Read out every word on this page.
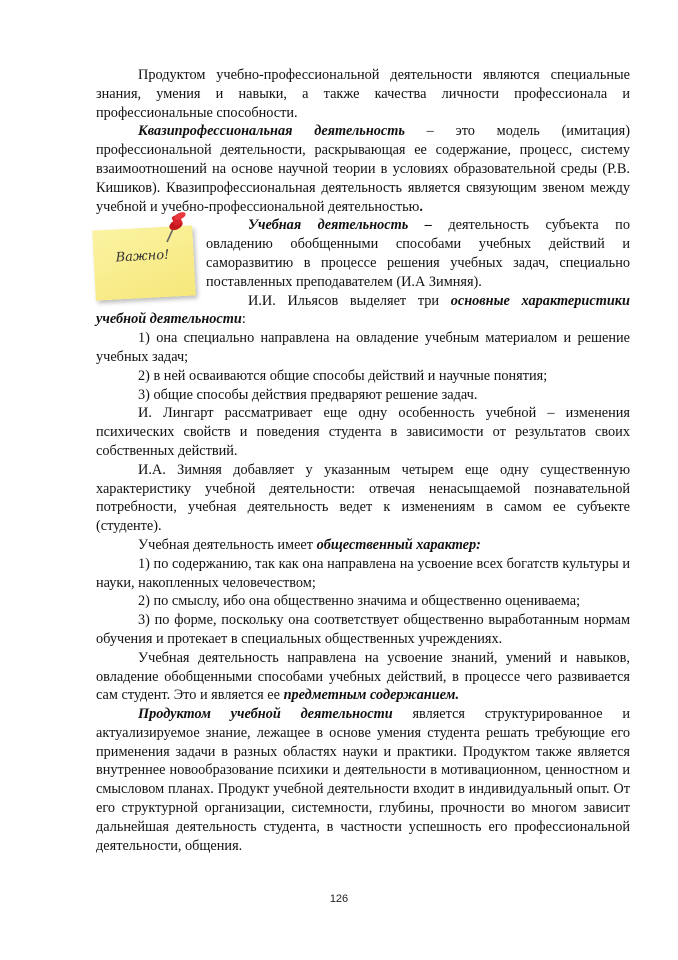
Продуктом учебно-профессиональной деятельности являются специальные знания, умения и навыки, а также качества личности профессионала и профессиональные способности.

Квазипрофессиональная деятельность – это модель (имитация) профессиональной деятельности, раскрывающая ее содержание, процесс, систему взаимоотношений на основе научной теории в условиях образовательной среды (Р.В. Кишиков). Квазипрофессиональная деятельность является связующим звеном между учебной и учебно-профессиональной деятельностью.

Важно!

Учебная деятельность – деятельность субъекта по овладению обобщенными способами учебных действий и саморазвитию в процессе решения учебных задач, специально поставленных преподавателем (И.А Зимняя).

И.И. Ильясов выделяет три основные характеристики учебной деятельности:

1) она специально направлена на овладение учебным материалом и решение учебных задач;

2) в ней осваиваются общие способы действий и научные понятия;

3) общие способы действия предваряют решение задач.

И. Лингарт рассматривает еще одну особенность учебной – изменения психических свойств и поведения студента в зависимости от результатов своих собственных действий.

И.А. Зимняя добавляет у указанным четырем еще одну существенную характеристику учебной деятельности: отвечая ненасыщаемой познавательной потребности, учебная деятельность ведет к изменениям в самом ее субъекте (студенте).

Учебная деятельность имеет общественный характер:

1) по содержанию, так как она направлена на усвоение всех богатств культуры и науки, накопленных человечеством;

2) по смыслу, ибо она общественно значима и общественно оцениваема;

3) по форме, поскольку она соответствует общественно выработанным нормам обучения и протекает в специальных общественных учреждениях.

Учебная деятельность направлена на усвоение знаний, умений и навыков, овладение обобщенными способами учебных действий, в процессе чего развивается сам студент. Это и является ее предметным содержанием.

Продуктом учебной деятельности является структурированное и актуализируемое знание, лежащее в основе умения студента решать требующие его применения задачи в разных областях науки и практики. Продуктом также является внутреннее новообразование психики и деятельности в мотивационном, ценностном и смысловом планах. Продукт учебной деятельности входит в индивидуальный опыт. От его структурной организации, системности, глубины, прочности во многом зависит дальнейшая деятельность студента, в частности успешность его профессиональной деятельности, общения.

126
